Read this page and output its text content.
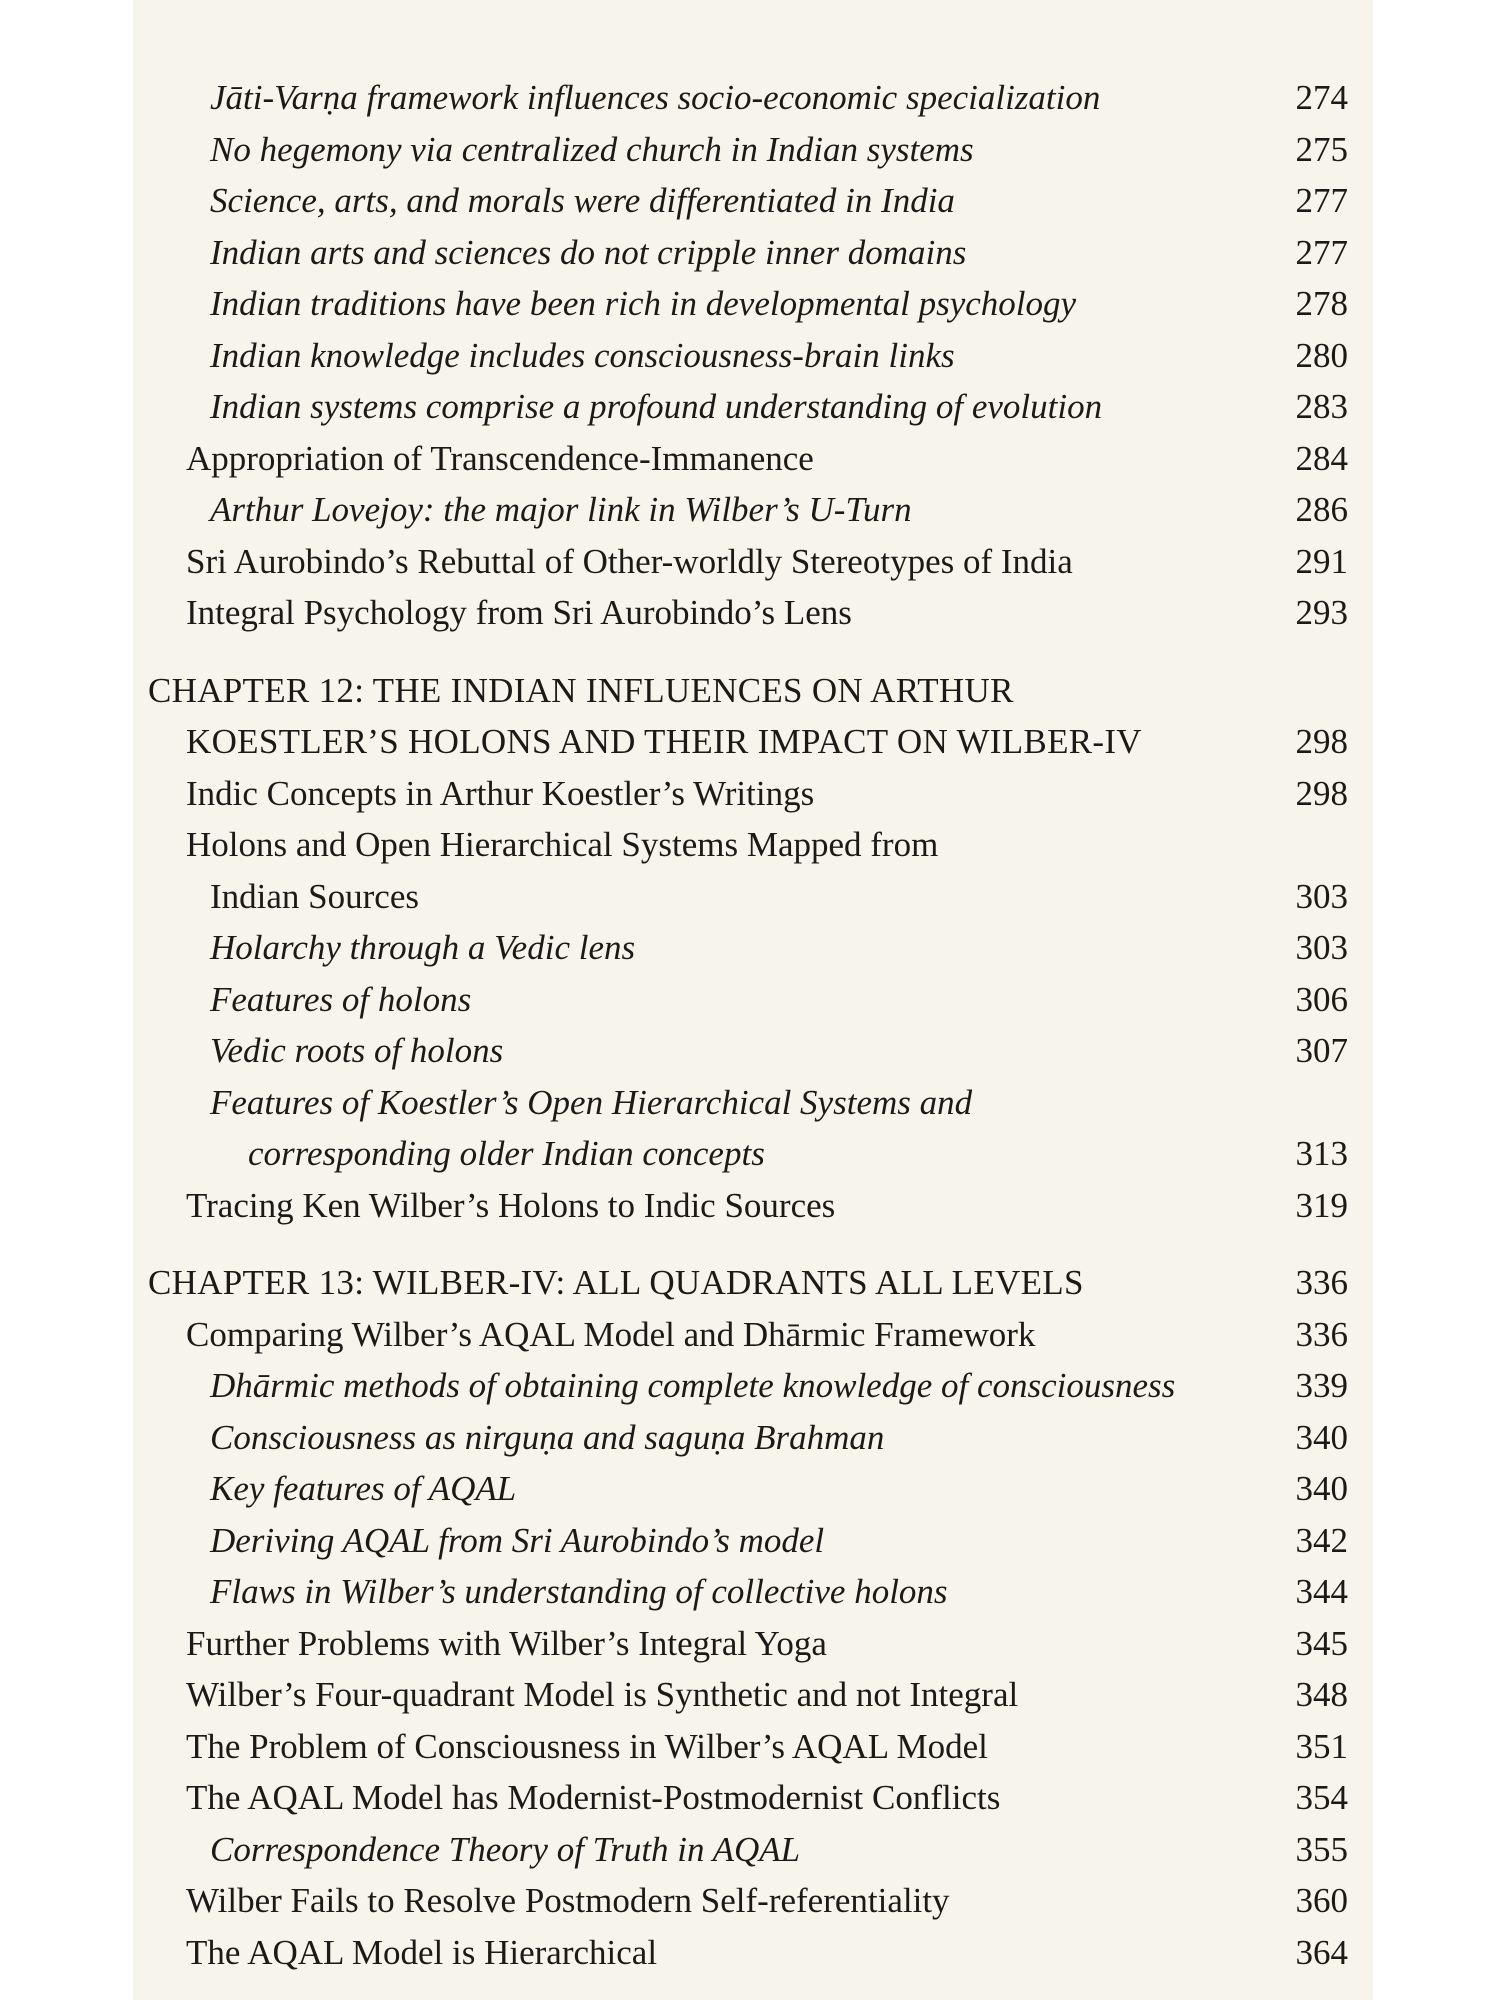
Jāti-Varṇa framework influences socio-economic specialization	274
No hegemony via centralized church in Indian systems	275
Science, arts, and morals were differentiated in India	277
Indian arts and sciences do not cripple inner domains	277
Indian traditions have been rich in developmental psychology	278
Indian knowledge includes consciousness-brain links	280
Indian systems comprise a profound understanding of evolution	283
Appropriation of Transcendence-Immanence	284
Arthur Lovejoy: the major link in Wilber’s U-Turn	286
Sri Aurobindo’s Rebuttal of Other-worldly Stereotypes of India	291
Integral Psychology from Sri Aurobindo’s Lens	293
CHAPTER 12: THE INDIAN INFLUENCES ON ARTHUR
KOESTLER’S HOLONS AND THEIR IMPACT ON WILBER-IV	298
Indic Concepts in Arthur Koestler’s Writings	298
Holons and Open Hierarchical Systems Mapped from
Indian Sources	303
Holarchy through a Vedic lens	303
Features of holons	306
Vedic roots of holons	307
Features of Koestler’s Open Hierarchical Systems and
corresponding older Indian concepts	313
Tracing Ken Wilber’s Holons to Indic Sources	319
CHAPTER 13: WILBER-IV: ALL QUADRANTS ALL LEVELS	336
Comparing Wilber’s AQAL Model and Dhārmic Framework	336
Dhārmic methods of obtaining complete knowledge of consciousness	339
Consciousness as nirguṇa and saguṇa Brahman	340
Key features of AQAL	340
Deriving AQAL from Sri Aurobindo’s model	342
Flaws in Wilber’s understanding of collective holons	344
Further Problems with Wilber’s Integral Yoga	345
Wilber’s Four-quadrant Model is Synthetic and not Integral	348
The Problem of Consciousness in Wilber’s AQAL Model	351
The AQAL Model has Modernist-Postmodernist Conflicts	354
Correspondence Theory of Truth in AQAL	355
Wilber Fails to Resolve Postmodern Self-referentiality	360
The AQAL Model is Hierarchical	364
